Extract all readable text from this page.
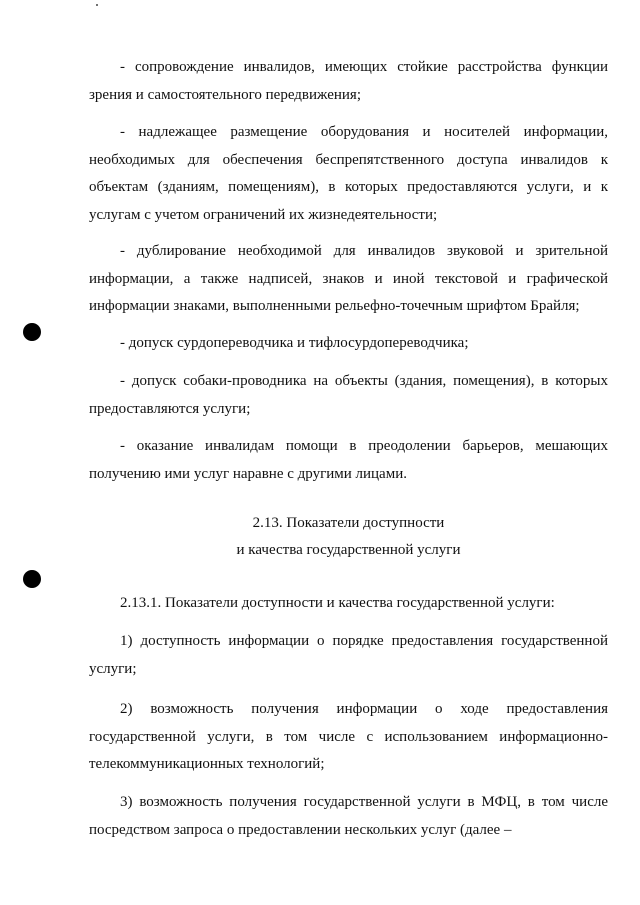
- сопровождение инвалидов, имеющих стойкие расстройства функции зрения и самостоятельного передвижения;

- надлежащее размещение оборудования и носителей информации, необходимых для обеспечения беспрепятственного доступа инвалидов к объектам (зданиям, помещениям), в которых предоставляются услуги, и к услугам с учетом ограничений их жизнедеятельности;

- дублирование необходимой для инвалидов звуковой и зрительной информации, а также надписей, знаков и иной текстовой и графической информации знаками, выполненными рельефно-точечным шрифтом Брайля;

- допуск сурдопереводчика и тифлосурдопереводчика;

- допуск собаки-проводника на объекты (здания, помещения), в которых предоставляются услуги;

- оказание инвалидам помощи в преодолении барьеров, мешающих получению ими услуг наравне с другими лицами.

2.13. Показатели доступности

и качества государственной услуги

2.13.1. Показатели доступности и качества государственной услуги:

1) доступность информации о порядке предоставления государственной услуги;

2) возможность получения информации о ходе предоставления государственной услуги, в том числе с использованием информационно-телекоммуникационных технологий;

3) возможность получения государственной услуги в МФЦ, в том числе посредством запроса о предоставлении нескольких услуг (далее –
